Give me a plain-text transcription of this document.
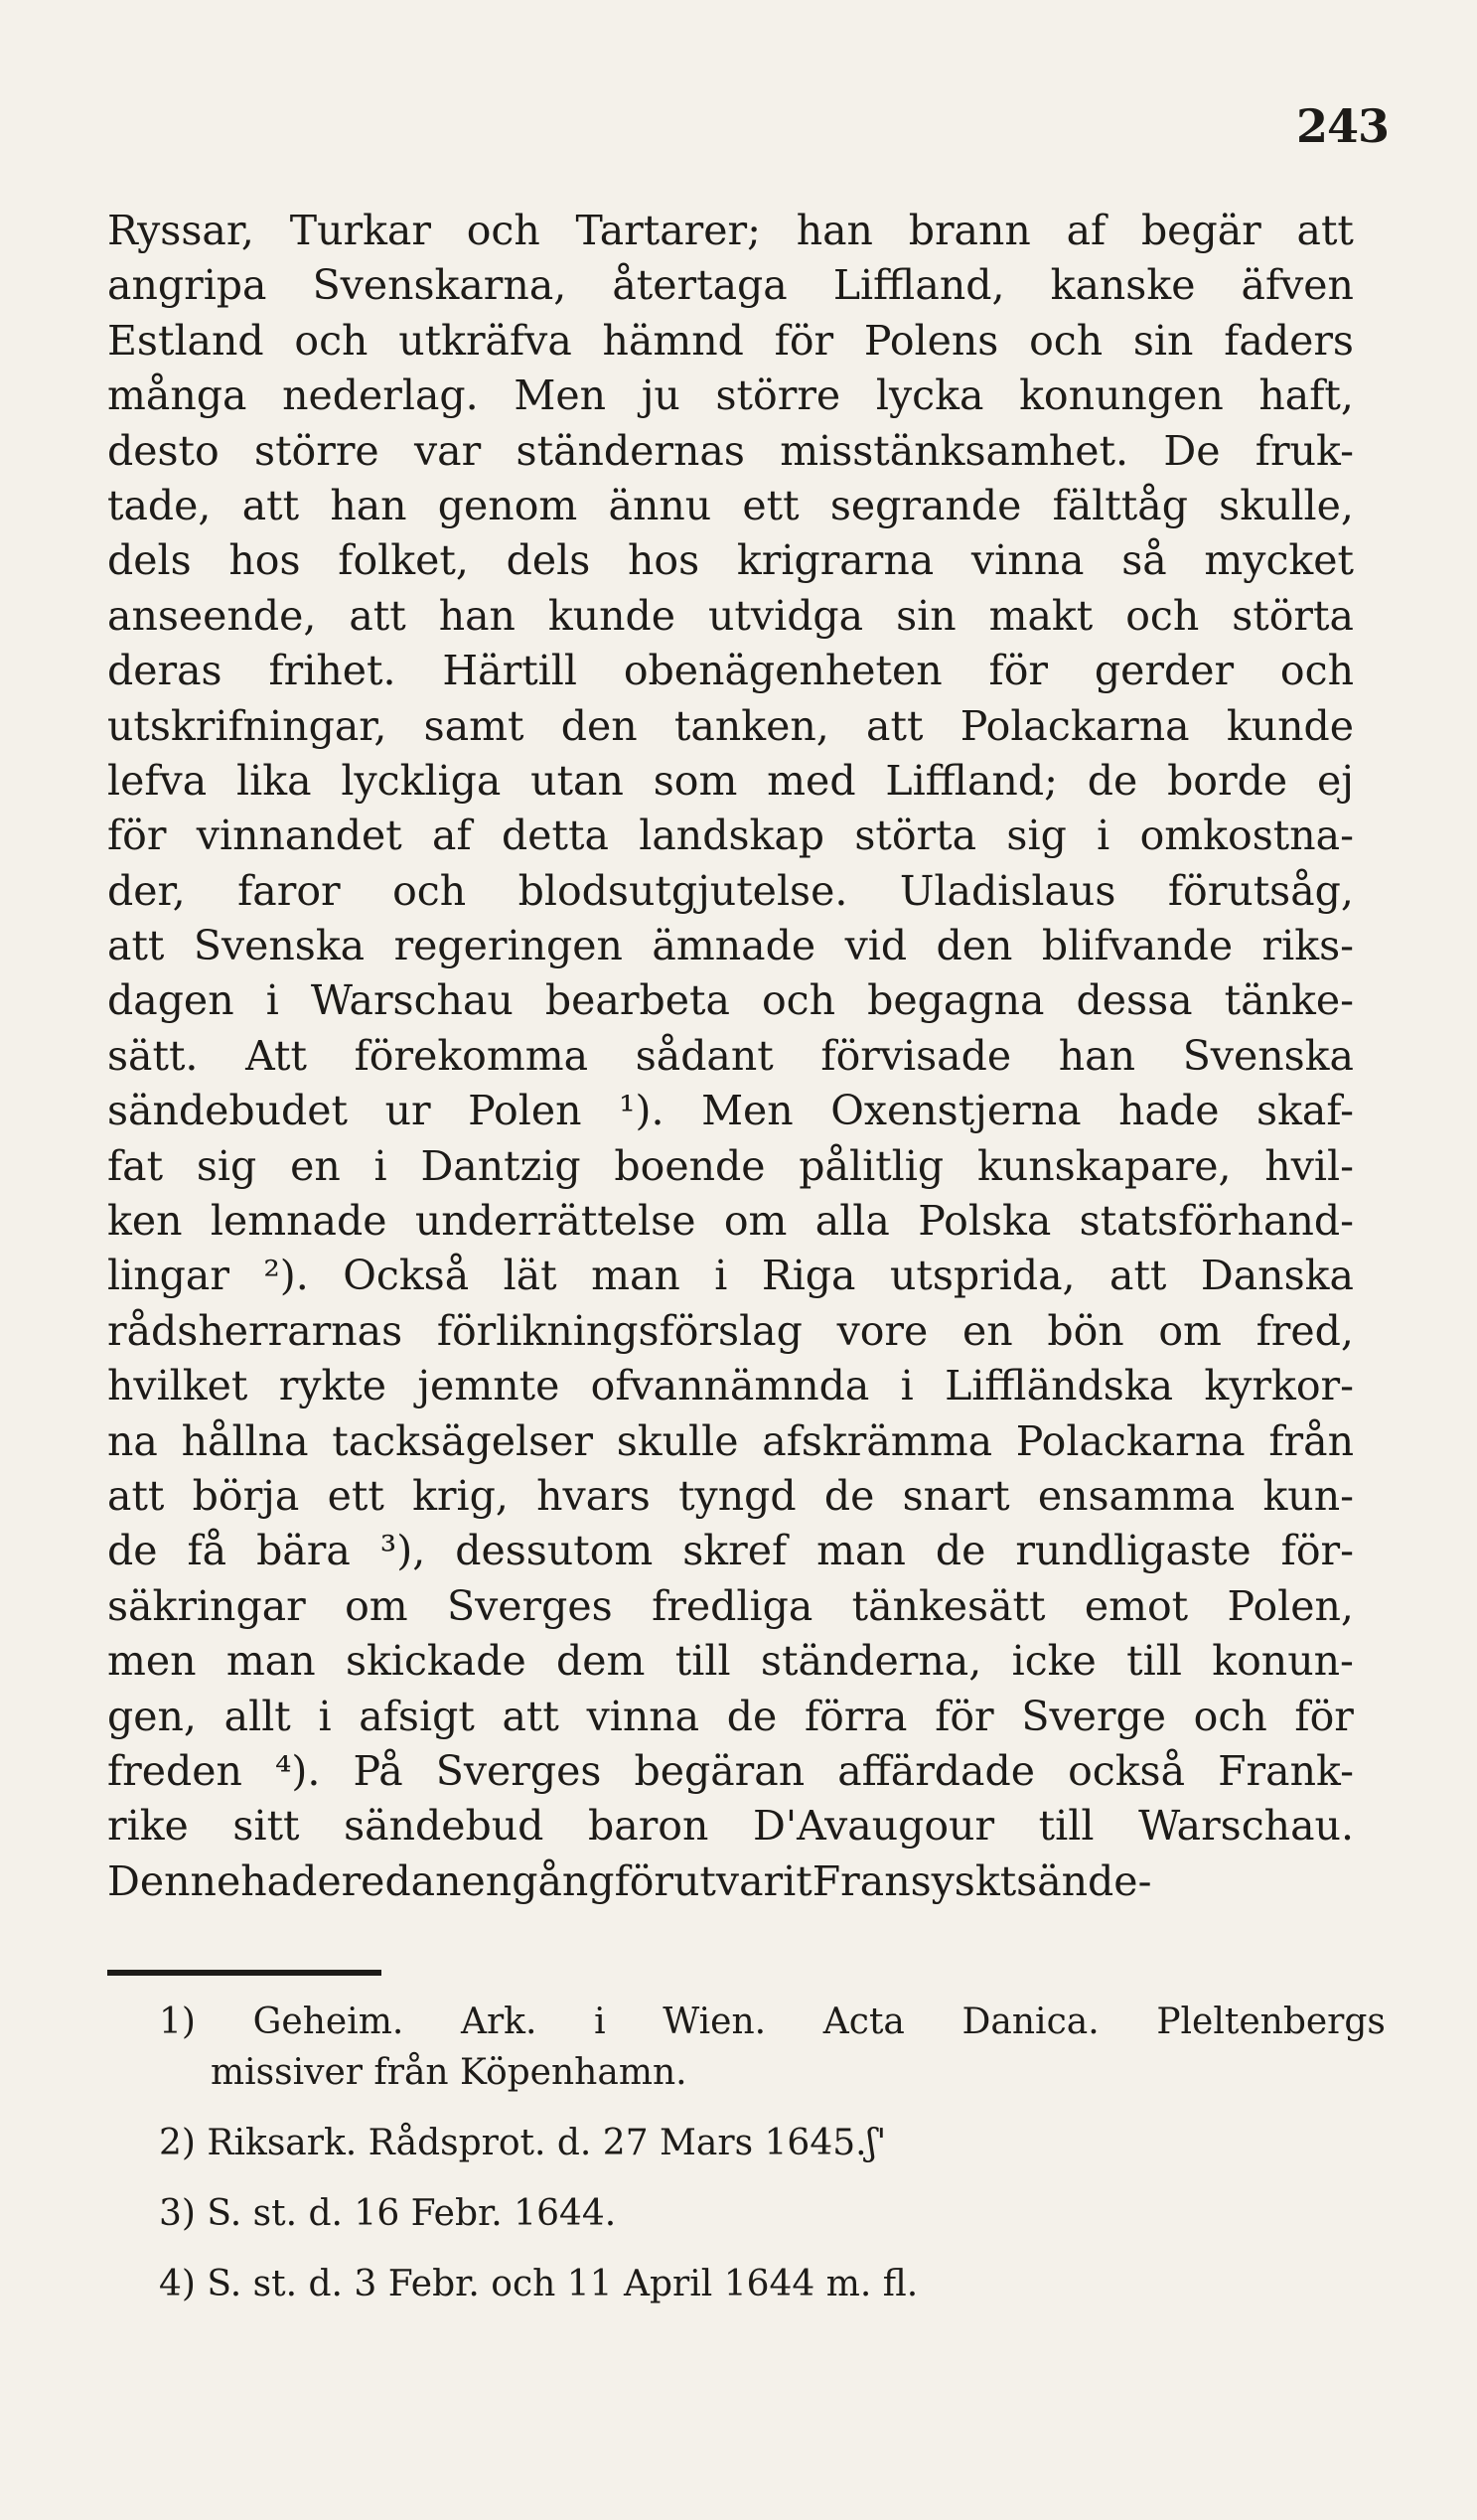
243
Ryssar, Turkar och Tartarer; han brann af begär att
angripa Svenskarna, återtaga Liffland, kanske äfven
Estland och utkräfva hämnd för Polens och sin faders
många nederlag. Men ju större lycka konungen haft,
desto större var ständernas misstänksamhet. De fruk-
tade, att han genom ännu ett segrande fälttåg skulle,
dels hos folket, dels hos krigrarna vinna så mycket
anseende, att han kunde utvidga sin makt och störta
deras frihet. Härtill obenägenheten för gerder och
utskrifningar, samt den tanken, att Polackarna kunde
lefva lika lyckliga utan som med Liffland; de borde ej
för vinnandet af detta landskap störta sig i omkostna-
der, faror och blodsutgjutelse. Uladislaus förutsåg,
att Svenska regeringen ämnade vid den blifvande riks-
dagen i Warschau bearbeta och begagna dessa tänke-
sätt. Att förekomma sådant förvisade han Svenska
sändebudet ur Polen ¹). Men Oxenstjerna hade skaf-
fat sig en i Dantzig boende pålitlig kunskapare, hvil-
ken lemnade underrättelse om alla Polska statsförhand-
lingar ²). Också lät man i Riga utsprida, att Danska
rådsherrarnas förlikningsförslag vore en bön om fred,
hvilket rykte jemnte ofvannämnda i Liffländska kyrkor-
na hållna tacksägelser skulle afskrämma Polackarna från
att börja ett krig, hvars tyngd de snart ensamma kun-
de få bära ³), dessutom skref man de rundligaste för-
säkringar om Sverges fredliga tänkesätt emot Polen,
men man skickade dem till ständerna, icke till konun-
gen, allt i afsigt att vinna de förra för Sverge och för
freden ⁴). På Sverges begäran affärdade också Frank-
rike sitt sändebud baron D'Avaugour till Warschau.
Denne hade redan engång förut varit Fransyskt sände-
1) Geheim. Ark. i Wien. Acta Danica. Pleltenbergs
missiver från Köpenhamn.
2) Riksark. Rådsprot. d. 27 Mars 1645.ʃ'
3) S. st. d. 16 Febr. 1644.
4) S. st. d. 3 Febr. och 11 April 1644 m. fl.
